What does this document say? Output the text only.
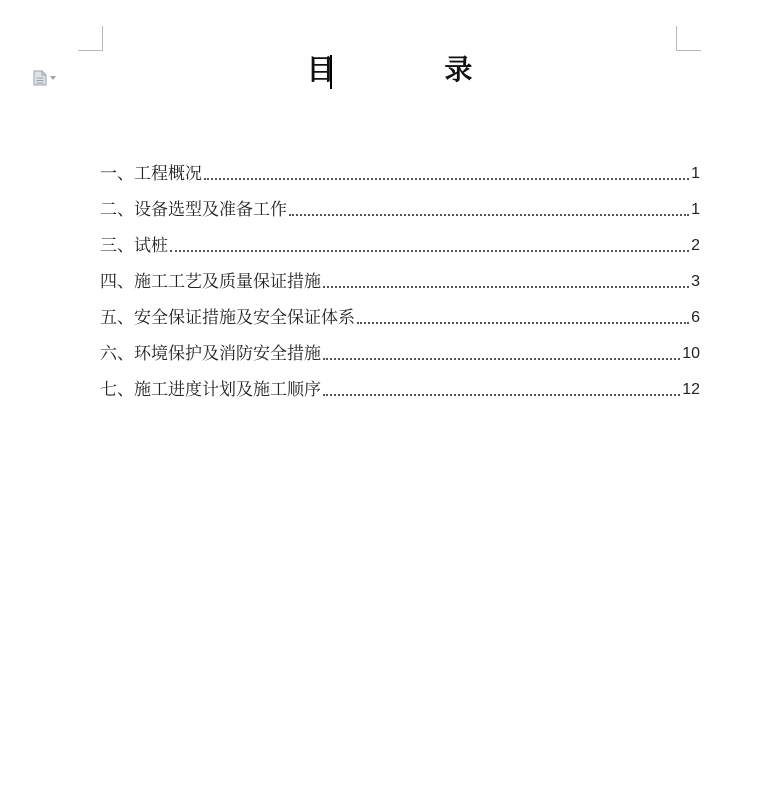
目 录
一、工程概况	1
二、设备选型及准备工作	1
三、试桩	2
四、施工工艺及质量保证措施	3
五、安全保证措施及安全保证体系	6
六、环境保护及消防安全措施	10
七、施工进度计划及施工顺序	12
